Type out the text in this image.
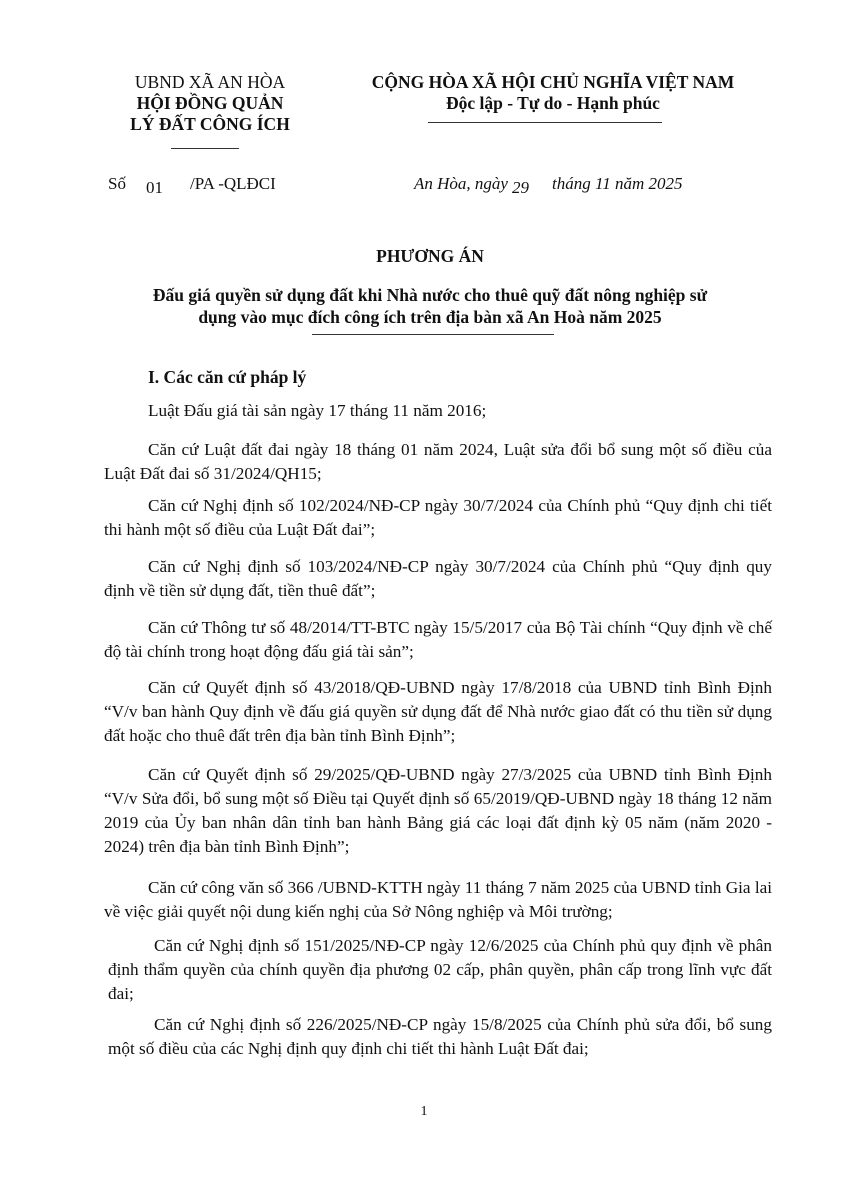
UBND XÃ AN HÒA
HỘI ĐỒNG QUẢN
LÝ ĐẤT CÔNG ÍCH
CỘNG HÒA XÃ HỘI CHỦ NGHĨA VIỆT NAM
Độc lập - Tự do - Hạnh phúc
Số 01 /PA -QLĐCI	An Hòa, ngày 29 tháng 11 năm 2025
PHƯƠNG ÁN
Đấu giá quyền sử dụng đất khi Nhà nước cho thuê quỹ đất nông nghiệp sử
dụng vào mục đích công ích trên địa bàn xã An Hoà năm 2025
I. Các căn cứ pháp lý
Luật Đấu giá tài sản ngày 17 tháng 11 năm 2016;
Căn cứ Luật đất đai ngày 18 tháng 01 năm 2024, Luật sửa đổi bổ sung một số điều của Luật Đất đai số 31/2024/QH15;
Căn cứ Nghị định số 102/2024/NĐ-CP ngày 30/7/2024 của Chính phủ “Quy định chi tiết thi hành một số điều của Luật Đất đai”;
Căn cứ Nghị định số 103/2024/NĐ-CP ngày 30/7/2024 của Chính phủ “Quy định quy định về tiền sử dụng đất, tiền thuê đất”;
Căn cứ Thông tư số 48/2014/TT-BTC ngày 15/5/2017 của Bộ Tài chính “Quy định về chế độ tài chính trong hoạt động đấu giá tài sản”;
Căn cứ Quyết định số 43/2018/QĐ-UBND ngày 17/8/2018 của UBND tỉnh Bình Định “V/v ban hành Quy định về đấu giá quyền sử dụng đất để Nhà nước giao đất có thu tiền sử dụng đất hoặc cho thuê đất trên địa bàn tỉnh Bình Định”;
Căn cứ Quyết định số 29/2025/QĐ-UBND ngày 27/3/2025 của UBND tỉnh Bình Định “V/v Sửa đổi, bổ sung một số Điều tại Quyết định số 65/2019/QĐ-UBND ngày 18 tháng 12 năm 2019 của Ủy ban nhân dân tỉnh ban hành Bảng giá các loại đất định kỳ 05 năm (năm 2020 - 2024) trên địa bàn tỉnh Bình Định”;
Căn cứ công văn số 366 /UBND-KTTH ngày 11 tháng 7 năm 2025 của UBND tỉnh Gia lai về việc giải quyết nội dung kiến nghị của Sở Nông nghiệp và Môi trường;
Căn cứ Nghị định số 151/2025/NĐ-CP ngày 12/6/2025 của Chính phủ quy định về phân định thẩm quyền của chính quyền địa phương 02 cấp, phân quyền, phân cấp trong lĩnh vực đất đai;
Căn cứ Nghị định số 226/2025/NĐ-CP ngày 15/8/2025 của Chính phủ sửa đổi, bổ sung một số điều của các Nghị định quy định chi tiết thi hành Luật Đất đai;
1
